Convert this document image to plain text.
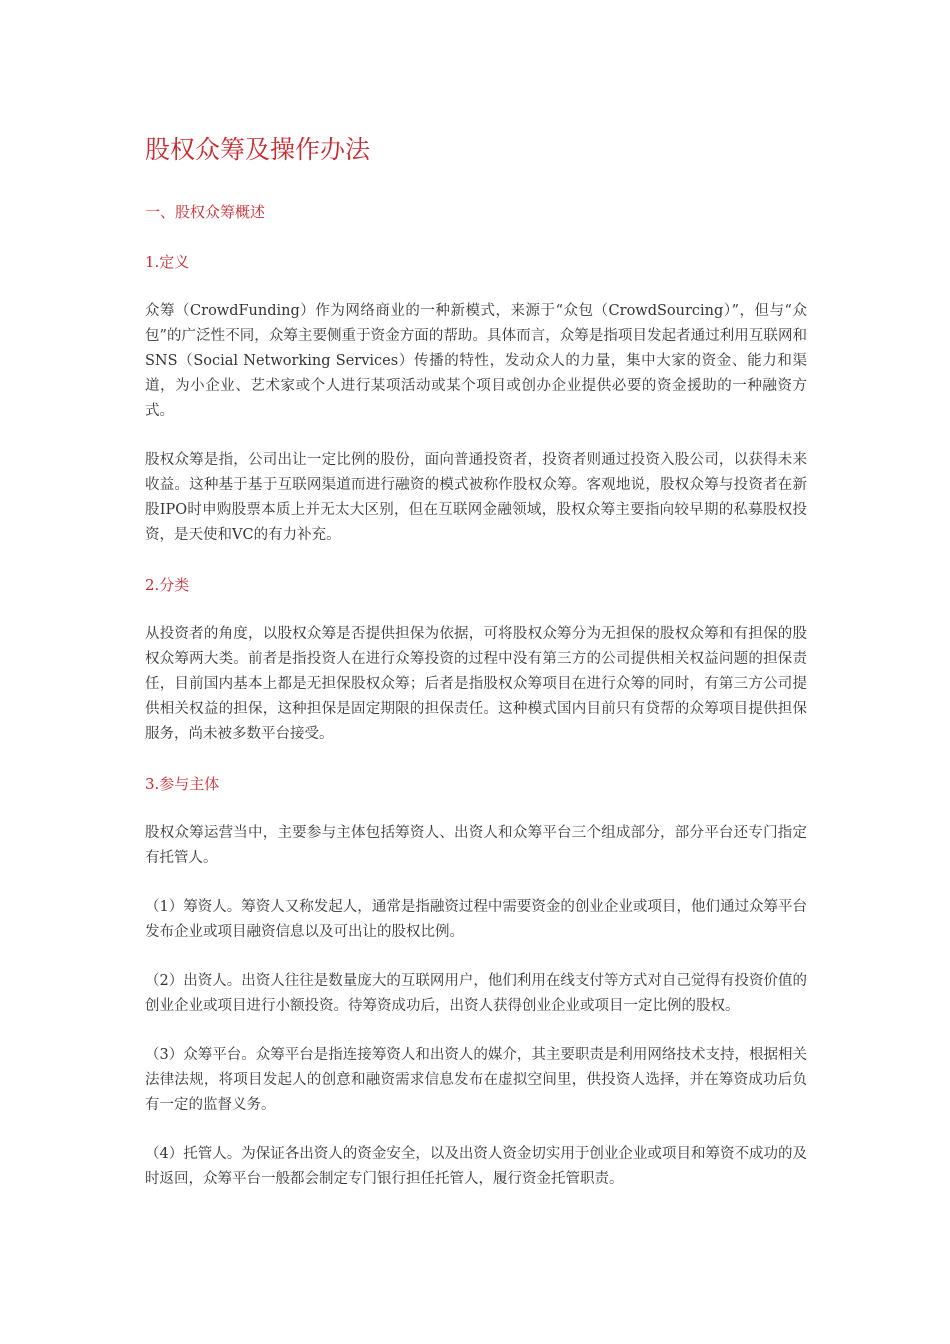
股权众筹及操作办法
一、股权众筹概述
1.定义

众筹（CrowdFunding）作为网络商业的一种新模式，来源于“众包（CrowdSourcing）”，但与“众包”的广泛性不同，众筹主要侧重于资金方面的帮助。具体而言，众筹是指项目发起者通过利用互联网和SNS（Social Networking Services）传播的特性，发动众人的力量，集中大家的资金、能力和渠道，为小企业、艺术家或个人进行某项活动或某个项目或创办企业提供必要的资金援助的一种融资方式。

股权众筹是指，公司出让一定比例的股份，面向普通投资者，投资者则通过投资入股公司，以获得未来收益。这种基于基于互联网渠道而进行融资的模式被称作股权众筹。客观地说，股权众筹与投资者在新股IPO时申购股票本质上并无太大区别，但在互联网金融领域，股权众筹主要指向较早期的私募股权投资，是天使和VC的有力补充。

2.分类

从投资者的角度，以股权众筹是否提供担保为依据，可将股权众筹分为无担保的股权众筹和有担保的股权众筹两大类。前者是指投资人在进行众筹投资的过程中没有第三方的公司提供相关权益问题的担保责任，目前国内基本上都是无担保股权众筹；后者是指股权众筹项目在进行众筹的同时，有第三方公司提供相关权益的担保，这种担保是固定期限的担保责任。这种模式国内目前只有贷帮的众筹项目提供担保服务，尚未被多数平台接受。

3.参与主体

股权众筹运营当中，主要参与主体包括筹资人、出资人和众筹平台三个组成部分，部分平台还专门指定有托管人。

（1）筹资人。筹资人又称发起人，通常是指融资过程中需要资金的创业企业或项目，他们通过众筹平台发布企业或项目融资信息以及可出让的股权比例。

（2）出资人。出资人往往是数量庞大的互联网用户，他们利用在线支付等方式对自己觉得有投资价值的创业企业或项目进行小额投资。待筹资成功后，出资人获得创业企业或项目一定比例的股权。

（3）众筹平台。众筹平台是指连接筹资人和出资人的媒介，其主要职责是利用网络技术支持，根据相关法律法规，将项目发起人的创意和融资需求信息发布在虚拟空间里，供投资人选择，并在筹资成功后负有一定的监督义务。

（4）托管人。为保证各出资人的资金安全，以及出资人资金切实用于创业企业或项目和筹资不成功的及时返回，众筹平台一般都会制定专门银行担任托管人，履行资金托管职责。
